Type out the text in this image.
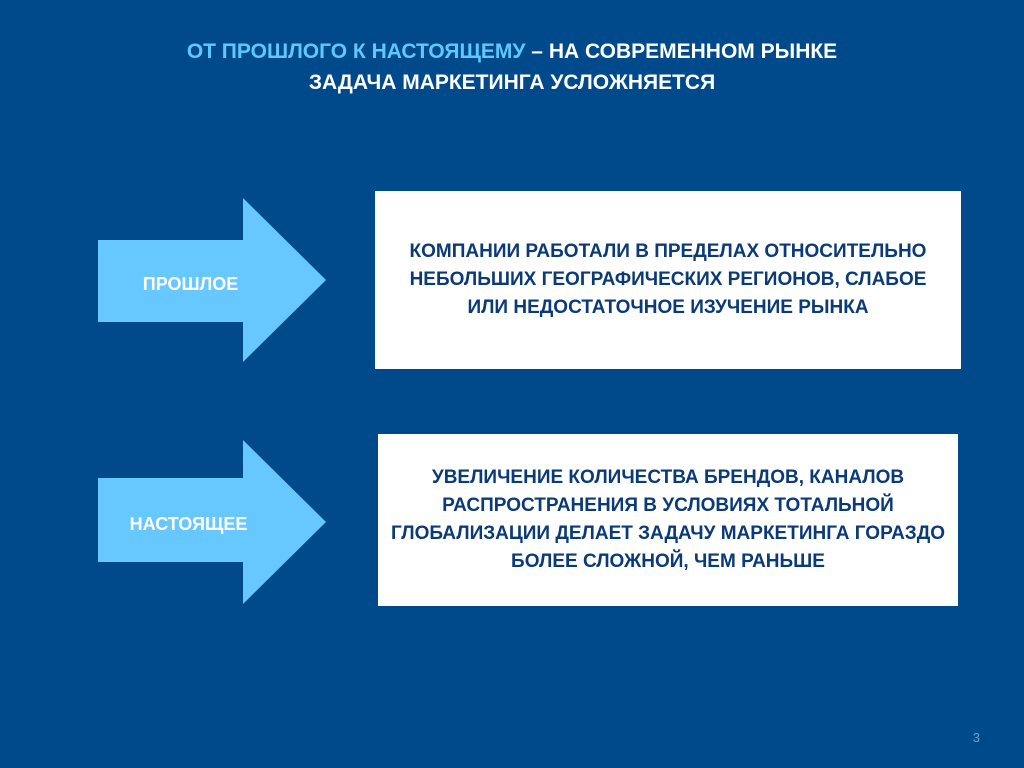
ОТ ПРОШЛОГО К НАСТОЯЩЕМУ – НА СОВРЕМЕННОМ РЫНКЕ
ЗАДАЧА МАРКЕТИНГА УСЛОЖНЯЕТСЯ
ПРОШЛОЕ
КОМПАНИИ РАБОТАЛИ В ПРЕДЕЛАХ ОТНОСИТЕЛЬНО НЕБОЛЬШИХ ГЕОГРАФИЧЕСКИХ РЕГИОНОВ, СЛАБОЕ ИЛИ НЕДОСТАТОЧНОЕ ИЗУЧЕНИЕ РЫНКА
НАСТОЯЩЕЕ
УВЕЛИЧЕНИЕ КОЛИЧЕСТВА БРЕНДОВ, КАНАЛОВ РАСПРОСТРАНЕНИЯ В УСЛОВИЯХ ТОТАЛЬНОЙ ГЛОБАЛИЗАЦИИ ДЕЛАЕТ ЗАДАЧУ МАРКЕТИНГА ГОРАЗДО БОЛЕЕ СЛОЖНОЙ, ЧЕМ РАНЬШЕ
3
